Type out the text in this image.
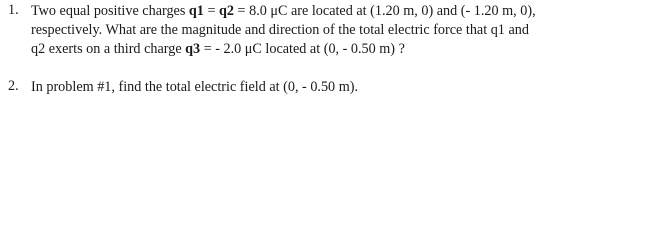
1. Two equal positive charges q1 = q2 = 8.0 μC are located at (1.20 m, 0) and (- 1.20 m, 0),
respectively. What are the magnitude and direction of the total electric force that q1 and
q2 exerts on a third charge q3 = - 2.0 μC located at (0, - 0.50 m) ?
2. In problem #1, find the total electric field at (0, - 0.50 m).
